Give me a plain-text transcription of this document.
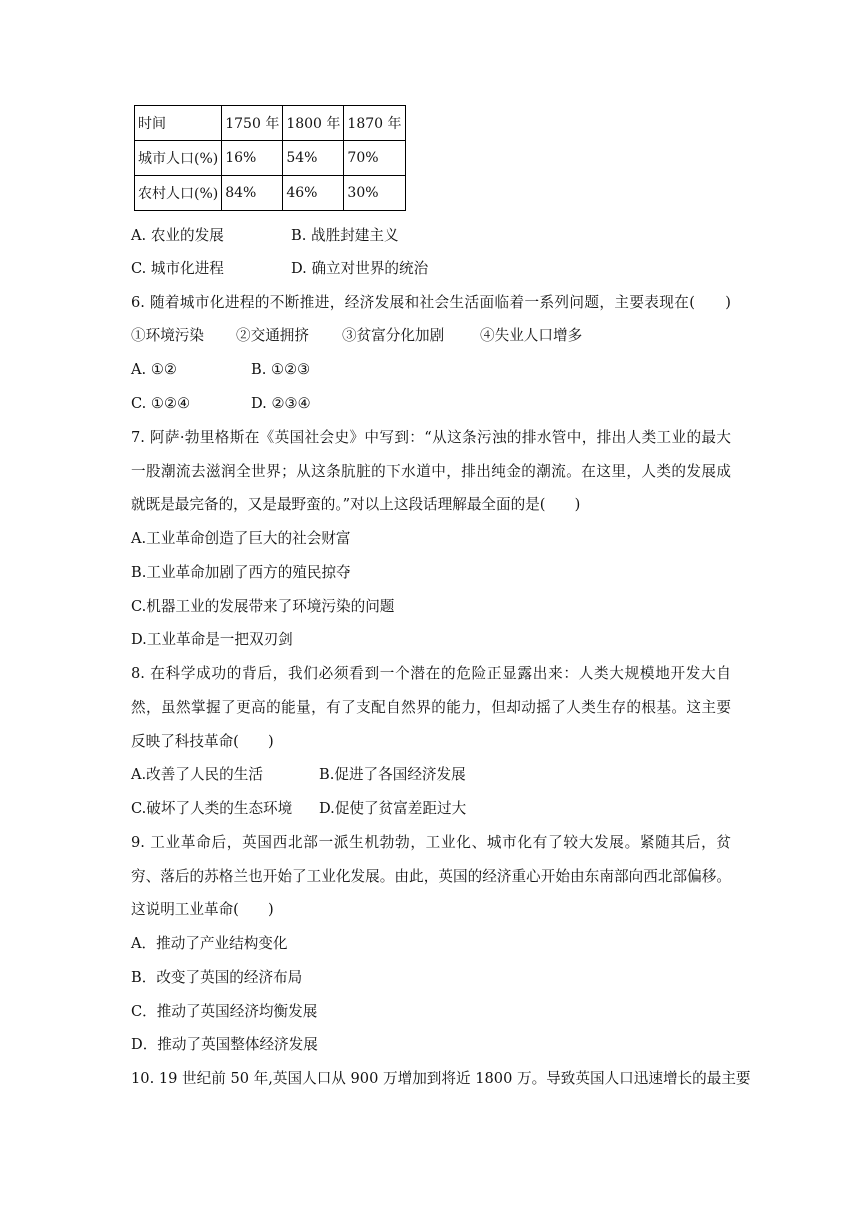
时间	1750 年	1800 年	1870 年
城市人口(%)	16%	54%	70%
农村人口(%)	84%	46%	30%
A. 农业的发展	B. 战胜封建主义
C. 城市化进程	D. 确立对世界的统治
6. 随着城市化进程的不断推进，经济发展和社会生活面临着一系列问题，主要表现在(　　)
①环境污染 ②交通拥挤 ③贫富分化加剧 ④失业人口增多
A. ①②	B. ①②③
C. ①②④	D. ②③④
7. 阿萨·勃里格斯在《英国社会史》中写到：“从这条污浊的排水管中，排出人类工业的最大
一股潮流去滋润全世界；从这条肮脏的下水道中，排出纯金的潮流。在这里，人类的发展成
就既是最完备的，又是最野蛮的。”对以上这段话理解最全面的是(　　)
A.工业革命创造了巨大的社会财富
B.工业革命加剧了西方的殖民掠夺
C.机器工业的发展带来了环境污染的问题
D.工业革命是一把双刃剑
8. 在科学成功的背后，我们必须看到一个潜在的危险正显露出来：人类大规模地开发大自
然，虽然掌握了更高的能量，有了支配自然界的能力，但却动摇了人类生存的根基。这主要
反映了科技革命(　　)
A.改善了人民的生活	B.促进了各国经济发展
C.破坏了人类的生态环境 D.促使了贫富差距过大
9. 工业革命后，英国西北部一派生机勃勃，工业化、城市化有了较大发展。紧随其后，贫
穷、落后的苏格兰也开始了工业化发展。由此，英国的经济重心开始由东南部向西北部偏移。
这说明工业革命(　　)
A．推动了产业结构变化
B．改变了英国的经济布局
C．推动了英国经济均衡发展
D．推动了英国整体经济发展
10. 19 世纪前 50 年,英国人口从 900 万增加到将近 1800 万。导致英国人口迅速增长的最主要
